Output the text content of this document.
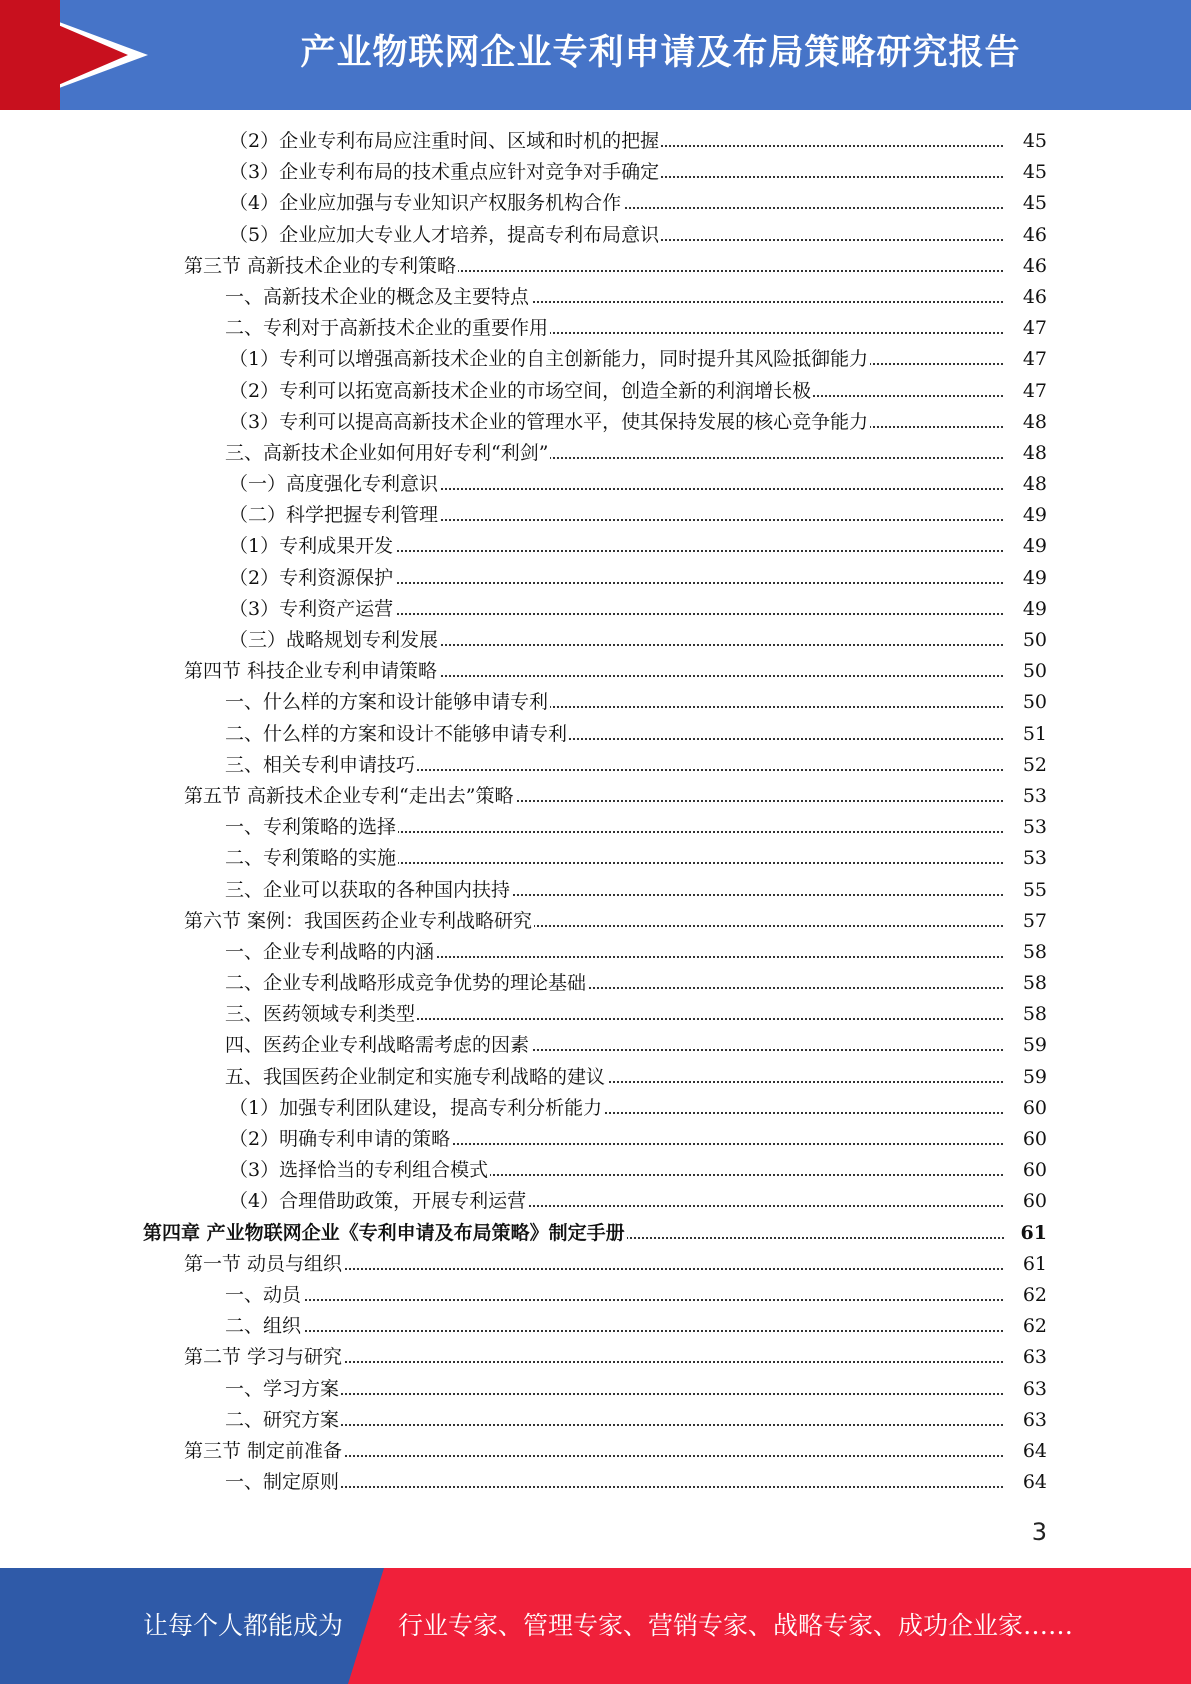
产业物联网企业专利申请及布局策略研究报告
（2）企业专利布局应注重时间、区域和时机的把握	45
（3）企业专利布局的技术重点应针对竞争对手确定	45
（4）企业应加强与专业知识产权服务机构合作	45
（5）企业应加大专业人才培养，提高专利布局意识	46
第三节 高新技术企业的专利策略	46
一、高新技术企业的概念及主要特点	46
二、专利对于高新技术企业的重要作用	47
（1）专利可以增强高新技术企业的自主创新能力，同时提升其风险抵御能力	47
（2）专利可以拓宽高新技术企业的市场空间，创造全新的利润增长极	47
（3）专利可以提高高新技术企业的管理水平，使其保持发展的核心竞争能力	48
三、高新技术企业如何用好专利“利剑”	48
（一）高度强化专利意识	48
（二）科学把握专利管理	49
（1）专利成果开发	49
（2）专利资源保护	49
（3）专利资产运营	49
（三）战略规划专利发展	50
第四节 科技企业专利申请策略	50
一、什么样的方案和设计能够申请专利	50
二、什么样的方案和设计不能够申请专利	51
三、相关专利申请技巧	52
第五节 高新技术企业专利“走出去”策略	53
一、专利策略的选择	53
二、专利策略的实施	53
三、企业可以获取的各种国内扶持	55
第六节 案例：我国医药企业专利战略研究	57
一、企业专利战略的内涵	58
二、企业专利战略形成竞争优势的理论基础	58
三、医药领域专利类型	58
四、医药企业专利战略需考虑的因素	59
五、我国医药企业制定和实施专利战略的建议	59
（1）加强专利团队建设，提高专利分析能力	60
（2）明确专利申请的策略	60
（3）选择恰当的专利组合模式	60
（4）合理借助政策，开展专利运营	60
第四章 产业物联网企业《专利申请及布局策略》制定手册	61
第一节 动员与组织	61
一、动员	62
二、组织	62
第二节 学习与研究	63
一、学习方案	63
二、研究方案	63
第三节 制定前准备	64
一、制定原则	64
3
让每个人都能成为 行业专家、管理专家、营销专家、战略专家、成功企业家……
